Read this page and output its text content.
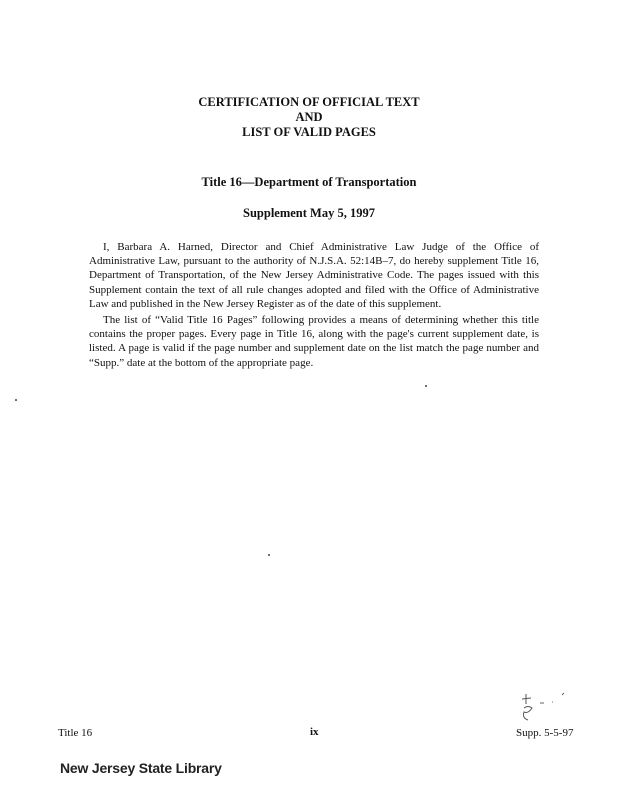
CERTIFICATION OF OFFICIAL TEXT
AND
LIST OF VALID PAGES
Title 16—Department of Transportation
Supplement May 5, 1997

I, Barbara A. Harned, Director and Chief Administrative Law Judge of the Office of Administrative Law, pursuant to the authority of N.J.S.A. 52:14B–7, do hereby supplement Title 16, Department of Transportation, of the New Jersey Administrative Code. The pages issued with this Supplement contain the text of all rule changes adopted and filed with the Office of Administrative Law and published in the New Jersey Register as of the date of this supplement.

The list of “Valid Title 16 Pages” following provides a means of determining whether this title contains the proper pages. Every page in Title 16, along with the page's current supplement date, is listed. A page is valid if the page number and supplement date on the list match the page number and “Supp.” date at the bottom of the appropriate page.

Title 16	ix	Supp. 5-5-97
New Jersey State Library
